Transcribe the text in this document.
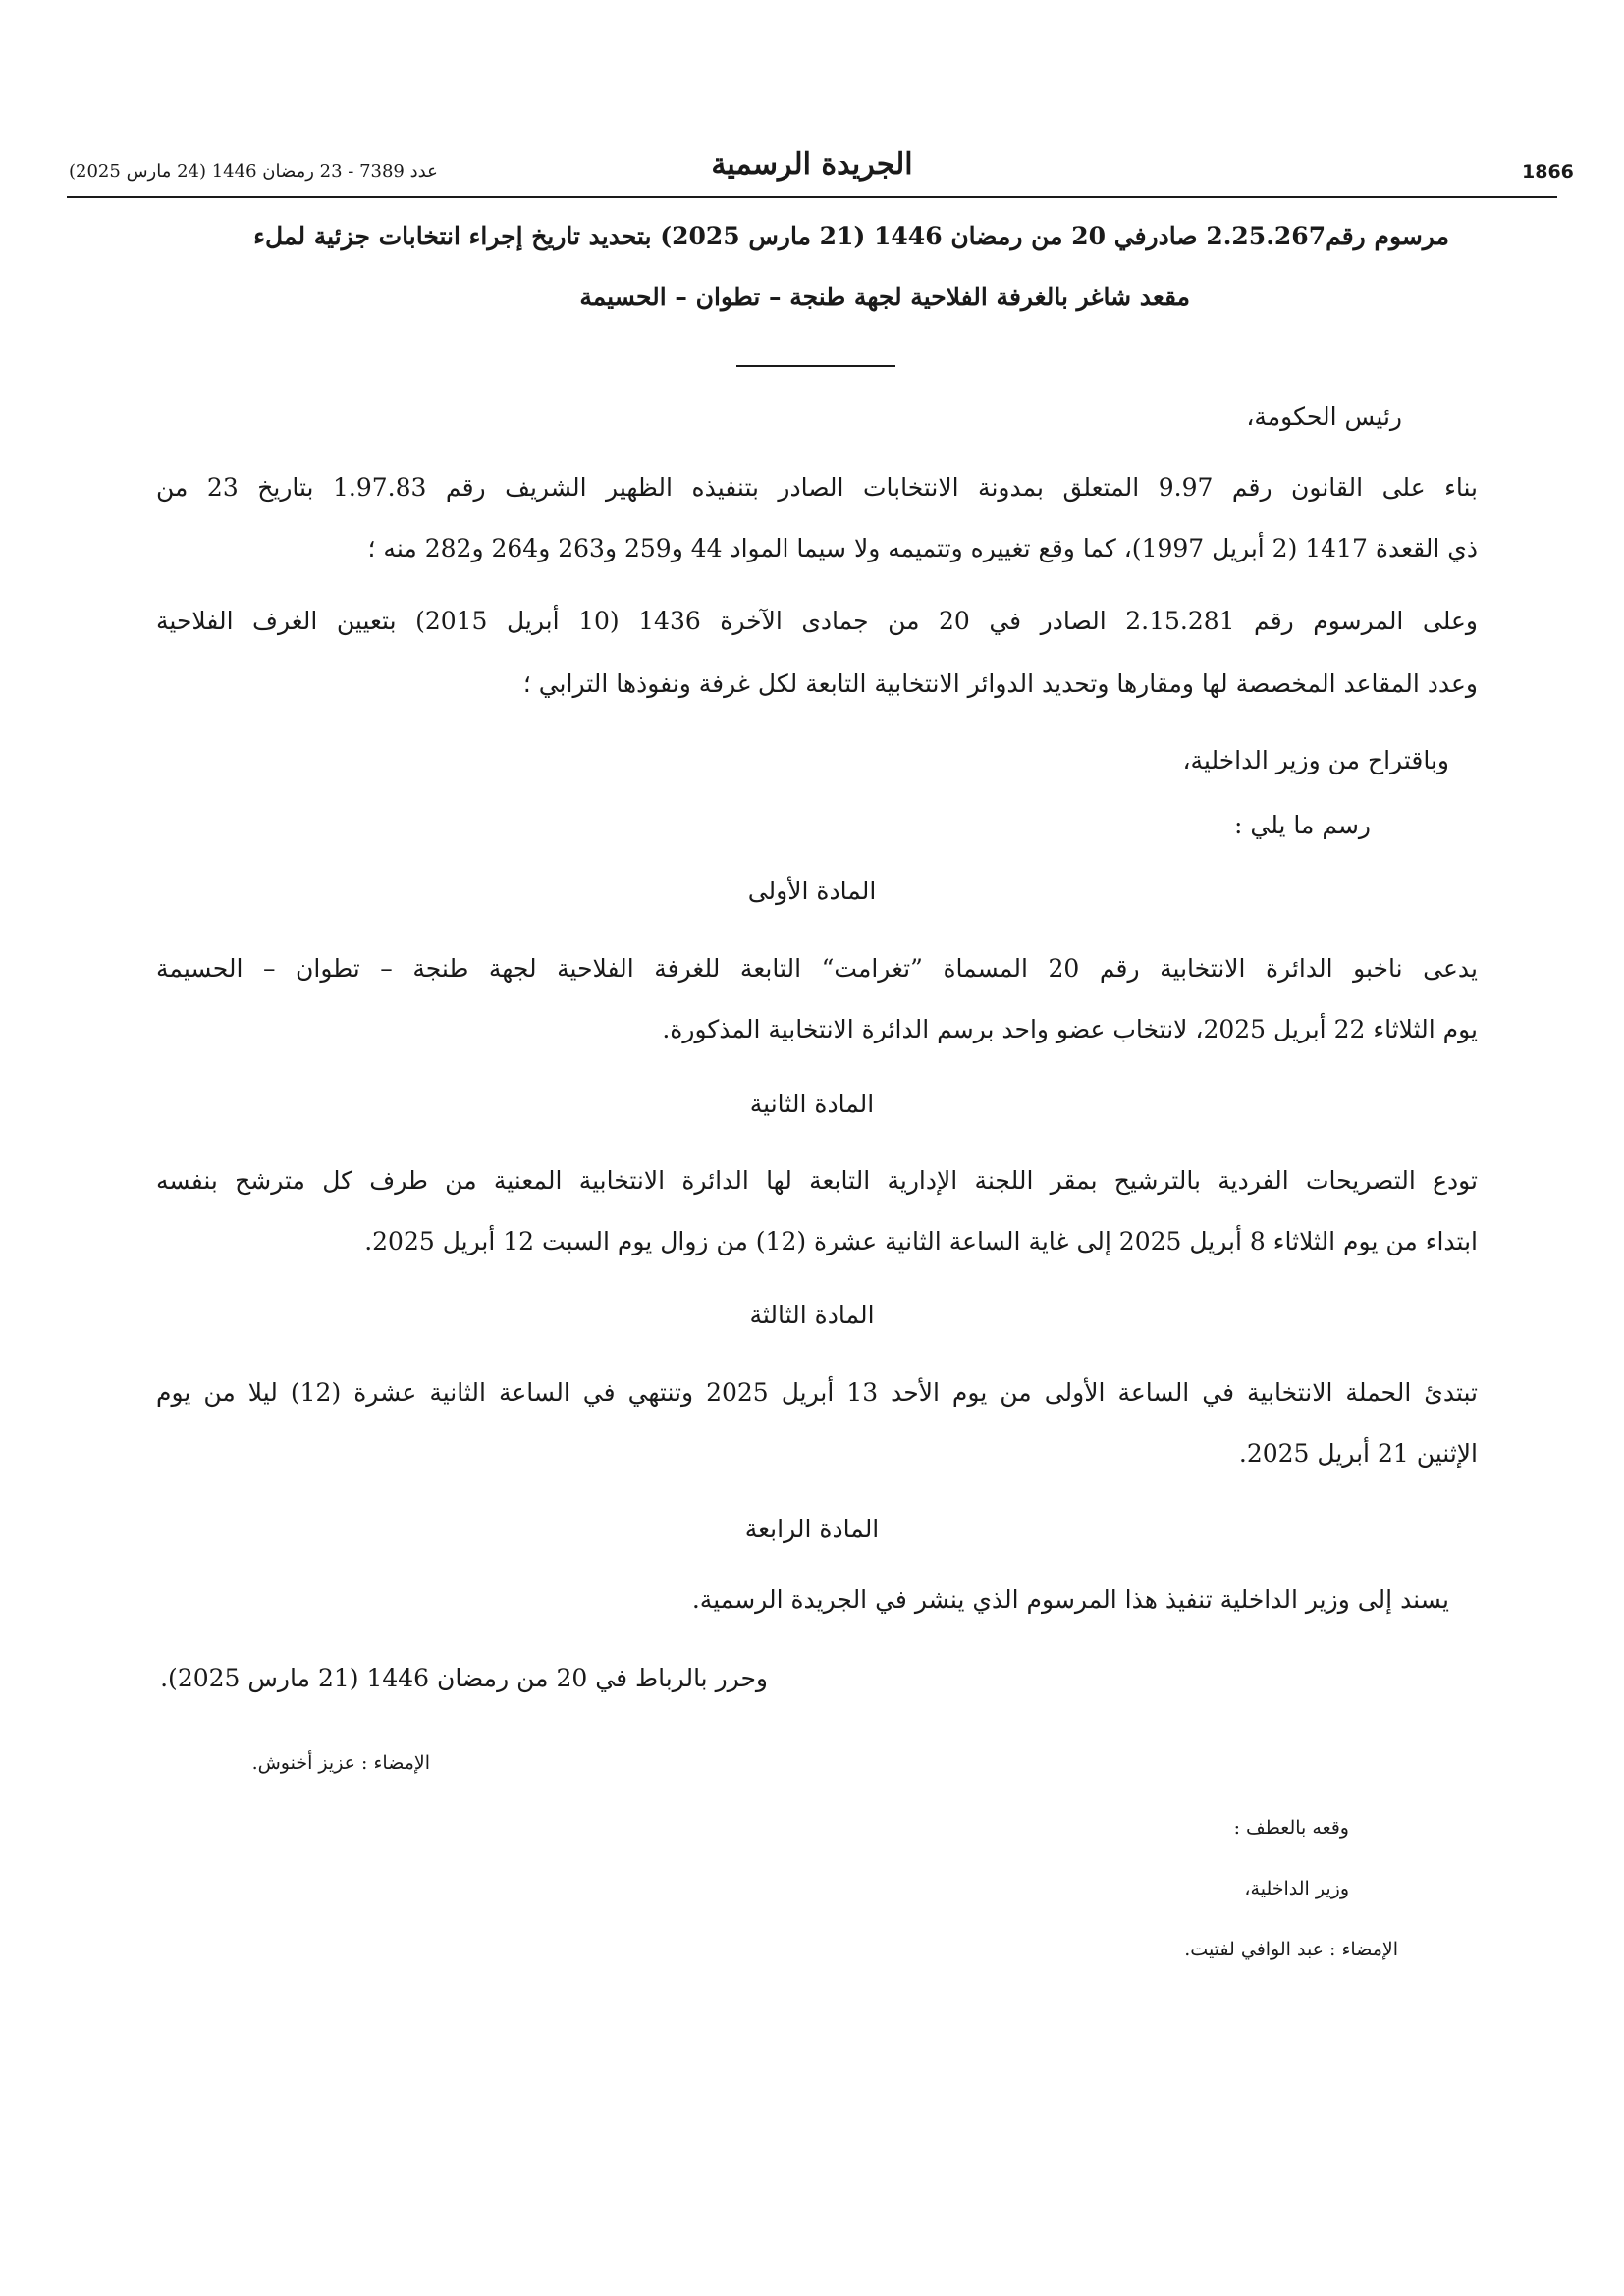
1866
الجريدة الرسمية
عدد 7389 - 23 رمضان 1446 (24 مارس 2025)
مرسوم رقم2.25.267 صادرفي 20 من رمضان 1446 (21 مارس 2025) بتحديد تاريخ إجراء انتخابات جزئية لملء
مقعد شاغر بالغرفة الفلاحية لجهة طنجة – تطوان – الحسيمة
رئيس الحكومة،
بناء على القانون رقم 9.97 المتعلق بمدونة الانتخابات الصادر بتنفيذه الظهير الشريف رقم 1.97.83 بتاريخ 23 من
ذي القعدة 1417 (2 أبريل 1997)، كما وقع تغييره وتتميمه ولا سيما المواد 44 و259 و263 و264 و282 منه ؛
وعلى المرسوم رقم 2.15.281 الصادر في 20 من جمادى الآخرة 1436 (10 أبريل 2015) بتعيين الغرف الفلاحية
وعدد المقاعد المخصصة لها ومقارها وتحديد الدوائر الانتخابية التابعة لكل غرفة ونفوذها الترابي ؛
وباقتراح من وزير الداخلية،
رسم ما يلي :
المادة الأولى
يدعى ناخبو الدائرة الانتخابية رقم 20 المسماة ”تغرامت“ التابعة للغرفة الفلاحية لجهة طنجة – تطوان – الحسيمة
يوم الثلاثاء 22 أبريل 2025، لانتخاب عضو واحد برسم الدائرة الانتخابية المذكورة.
المادة الثانية
تودع التصريحات الفردية بالترشيح بمقر اللجنة الإدارية التابعة لها الدائرة الانتخابية المعنية من طرف كل مترشح بنفسه
ابتداء من يوم الثلاثاء 8 أبريل 2025 إلى غاية الساعة الثانية عشرة (12) من زوال يوم السبت 12 أبريل 2025.
المادة الثالثة
تبتدئ الحملة الانتخابية في الساعة الأولى من يوم الأحد 13 أبريل 2025 وتنتهي في الساعة الثانية عشرة (12) ليلا من يوم
الإثنين 21 أبريل 2025.
المادة الرابعة
يسند إلى وزير الداخلية تنفيذ هذا المرسوم الذي ينشر في الجريدة الرسمية.
وحرر بالرباط في 20 من رمضان 1446 (21 مارس 2025).
الإمضاء : عزيز أخنوش.
وقعه بالعطف :
وزير الداخلية،
الإمضاء : عبد الوافي لفتيت.
